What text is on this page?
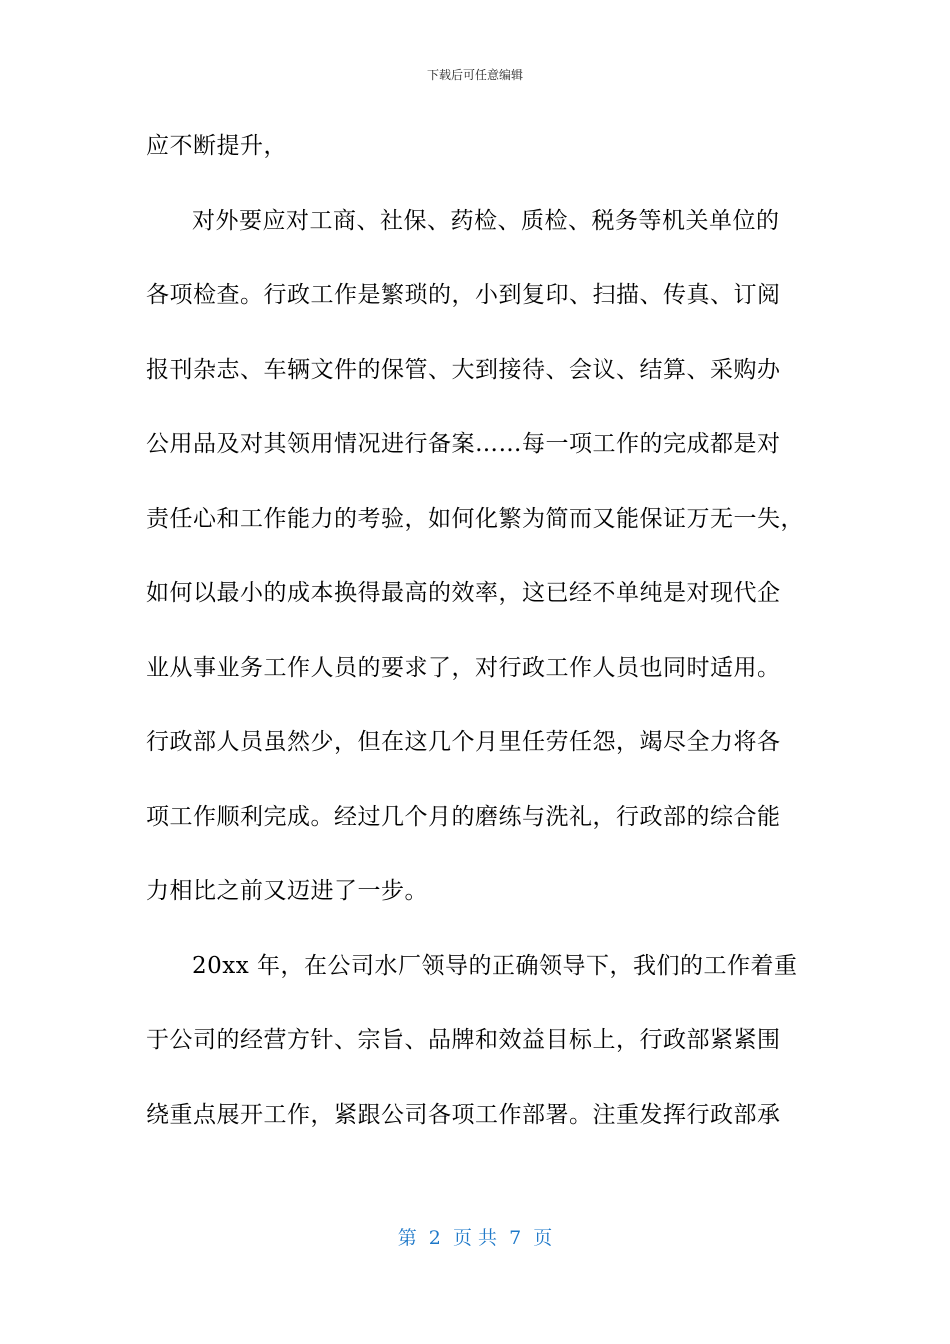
下载后可任意编辑
应不断提升，
对外要应对工商、社保、药检、质检、税务等机关单位的
各项检查。行政工作是繁琐的，小到复印、扫描、传真、订阅
报刊杂志、车辆文件的保管、大到接待、会议、结算、采购办
公用品及对其领用情况进行备案……每一项工作的完成都是对
责任心和工作能力的考验，如何化繁为简而又能保证万无一失，
如何以最小的成本换得最高的效率，这已经不单纯是对现代企
业从事业务工作人员的要求了，对行政工作人员也同时适用。
行政部人员虽然少，但在这几个月里任劳任怨，竭尽全力将各
项工作顺利完成。经过几个月的磨练与洗礼，行政部的综合能
力相比之前又迈进了一步。
20xx 年，在公司水厂领导的正确领导下，我们的工作着重
于公司的经营方针、宗旨、品牌和效益目标上，行政部紧紧围
绕重点展开工作，紧跟公司各项工作部署。注重发挥行政部承
第  2  页 共  7  页
